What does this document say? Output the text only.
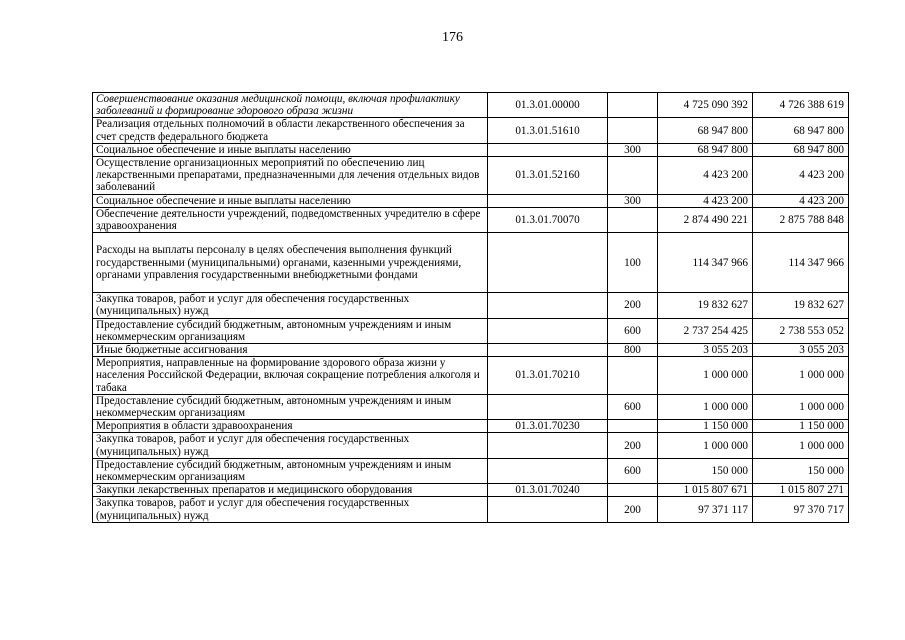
176
Совершенствование оказания медицинской помощи, включая профилактику заболеваний и формирование здорового образа жизни	01.3.01.00000		4 725 090 392	4 726 388 619
Реализация отдельных полномочий в области лекарственного обеспечения за счет средств федерального бюджета	01.3.01.51610		68 947 800	68 947 800
Социальное обеспечение и иные выплаты населению		300	68 947 800	68 947 800
Осуществление организационных мероприятий по обеспечению лиц лекарственными препаратами, предназначенными для лечения отдельных видов заболеваний	01.3.01.52160		4 423 200	4 423 200
Социальное обеспечение и иные выплаты населению		300	4 423 200	4 423 200
Обеспечение деятельности учреждений, подведомственных учредителю в сфере здравоохранения	01.3.01.70070		2 874 490 221	2 875 788 848
Расходы на выплаты персоналу в целях обеспечения выполнения функций государственными (муниципальными) органами, казенными учреждениями, органами управления государственными внебюджетными фондами		100	114 347 966	114 347 966
Закупка товаров, работ и услуг для обеспечения государственных (муниципальных) нужд		200	19 832 627	19 832 627
Предоставление субсидий бюджетным, автономным учреждениям и иным некоммерческим организациям		600	2 737 254 425	2 738 553 052
Иные бюджетные ассигнования		800	3 055 203	3 055 203
Мероприятия, направленные на формирование здорового образа жизни у населения Российской Федерации, включая сокращение потребления алкоголя и табака	01.3.01.70210		1 000 000	1 000 000
Предоставление субсидий бюджетным, автономным учреждениям и иным некоммерческим организациям		600	1 000 000	1 000 000
Мероприятия в области здравоохранения	01.3.01.70230		1 150 000	1 150 000
Закупка товаров, работ и услуг для обеспечения государственных (муниципальных) нужд		200	1 000 000	1 000 000
Предоставление субсидий бюджетным, автономным учреждениям и иным некоммерческим организациям		600	150 000	150 000
Закупки лекарственных препаратов и медицинского оборудования	01.3.01.70240		1 015 807 671	1 015 807 271
Закупка товаров, работ и услуг для обеспечения государственных (муниципальных) нужд		200	97 371 117	97 370 717
